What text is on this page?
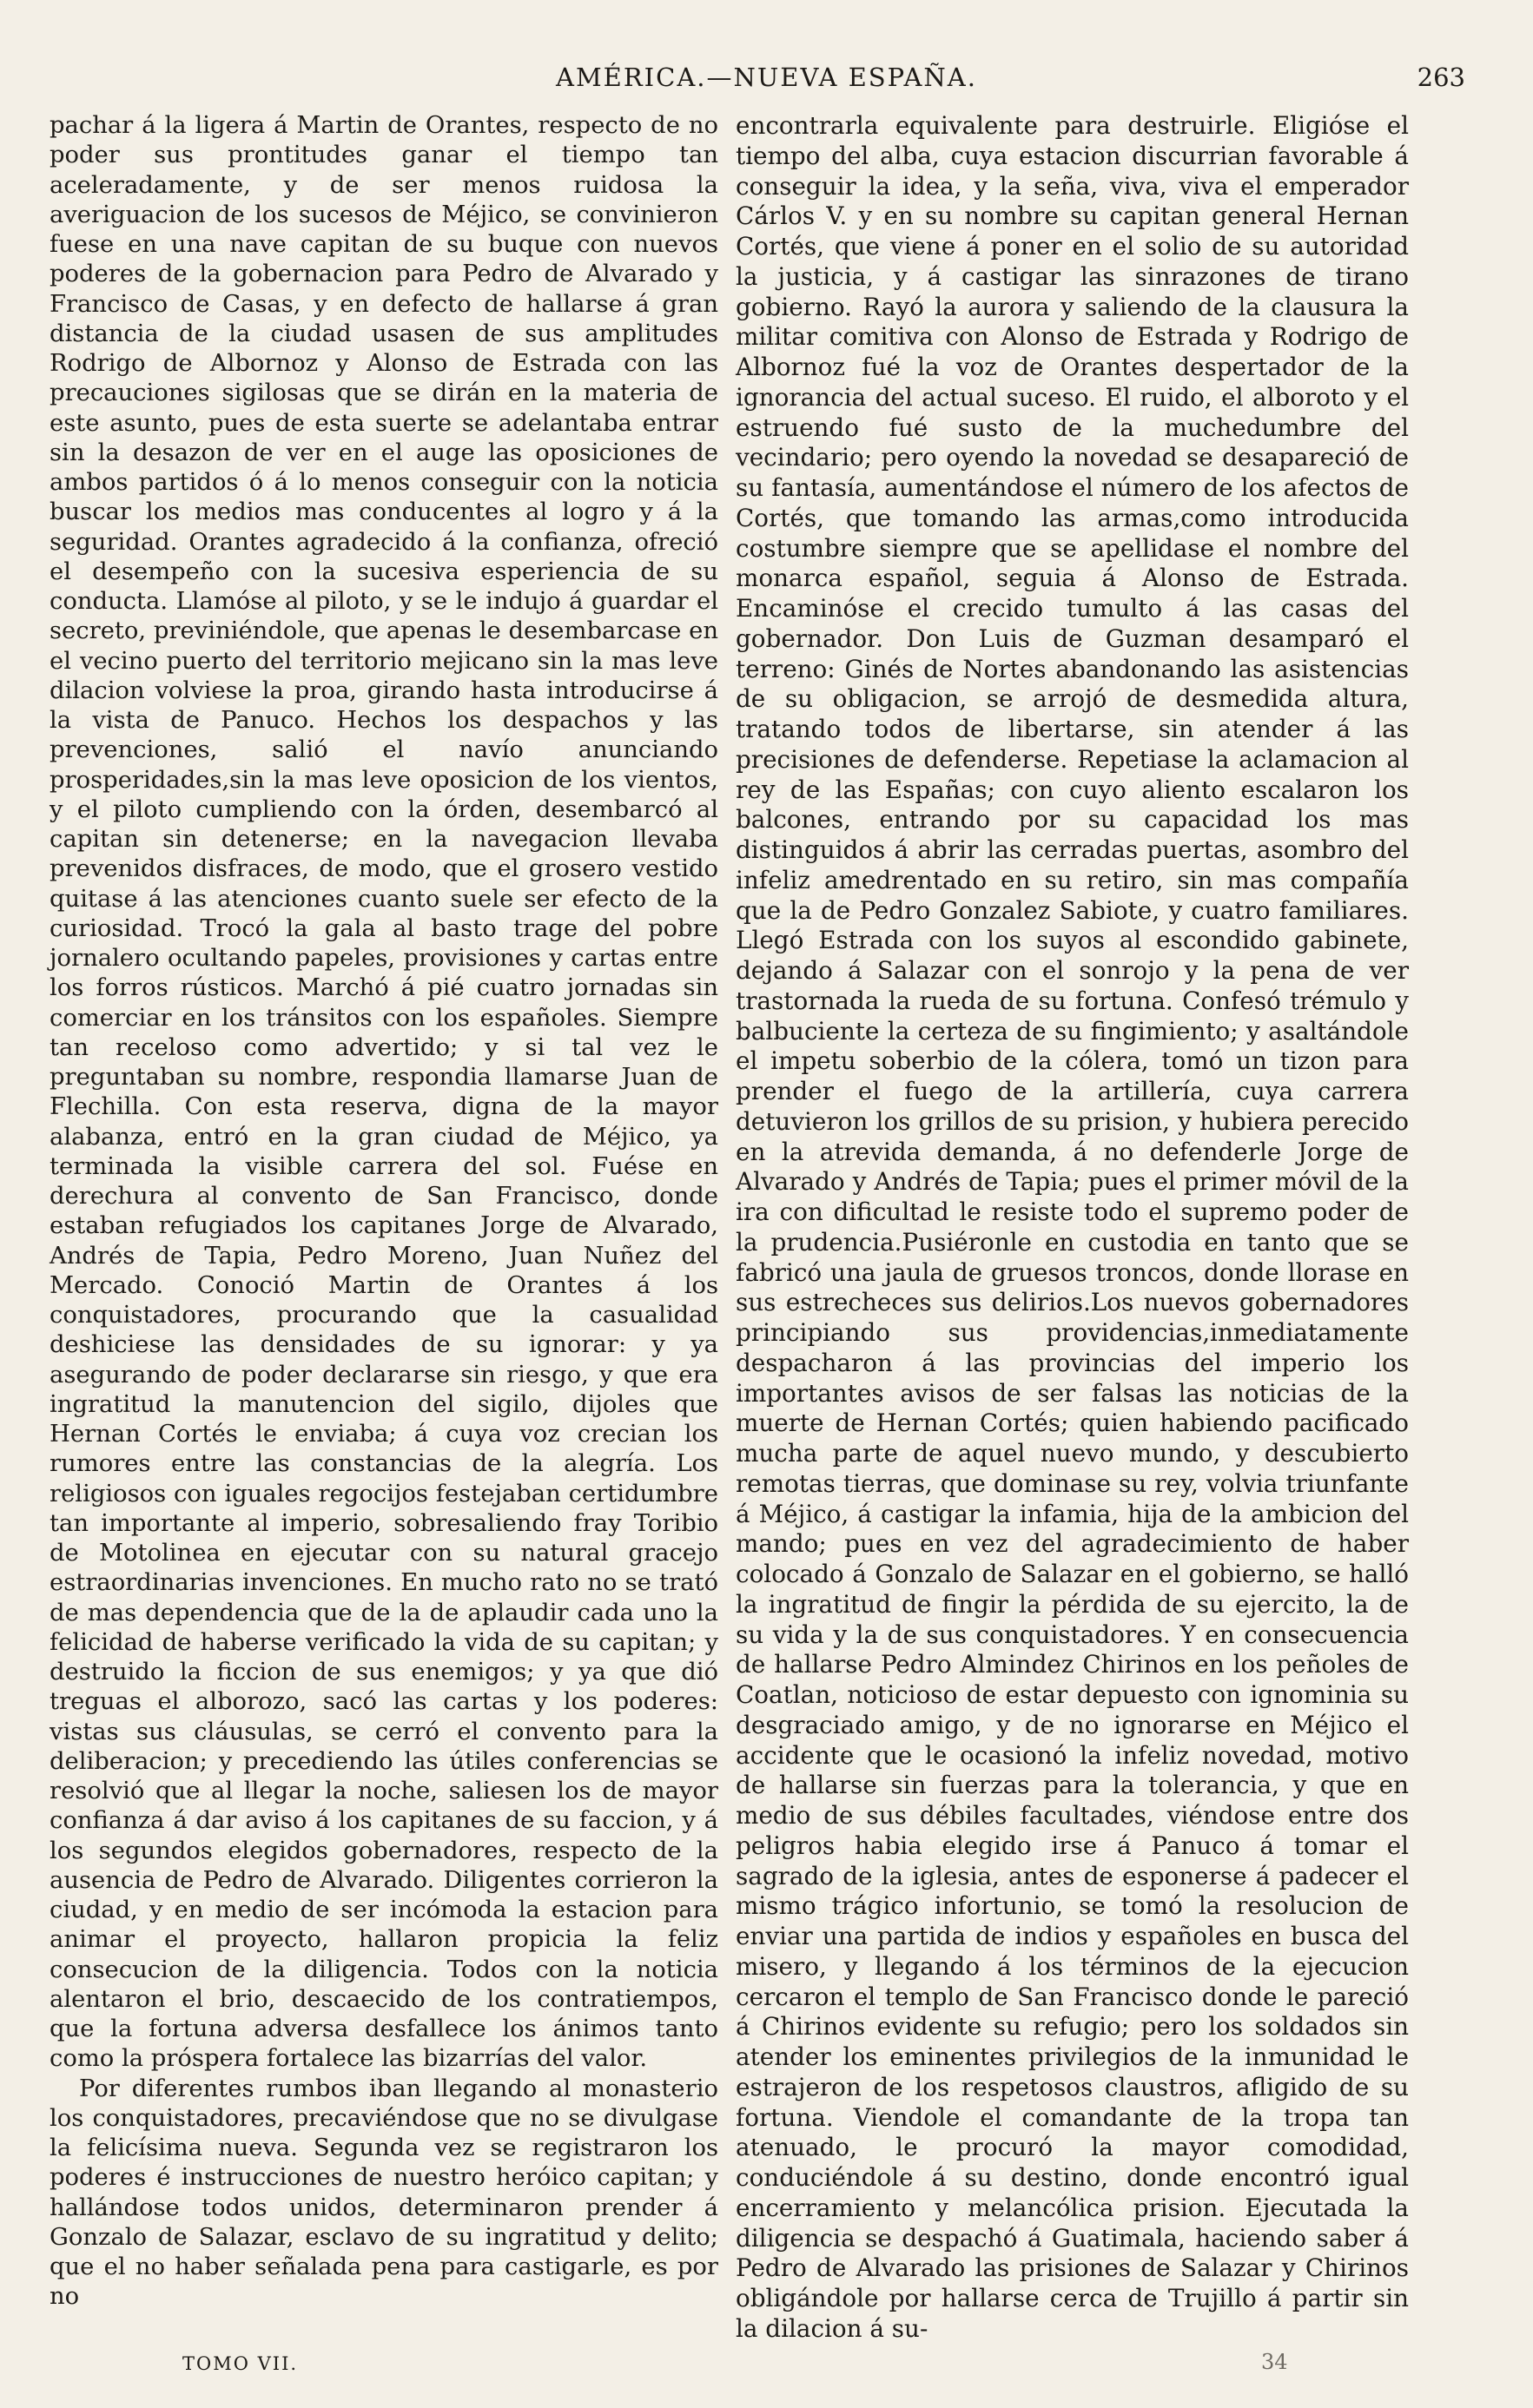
AMÉRICA.—NUEVA ESPAÑA.	263

pachar á la ligera á Martin de Orantes, respecto de no poder sus prontitudes ganar el tiempo tan aceleradamente, y de ser menos ruidosa la averiguacion de los sucesos de Méjico, se convinieron fuese en una nave capitan de su buque con nuevos poderes de la gobernacion para Pedro de Alvarado y Francisco de Casas, y en defecto de hallarse á gran distancia de la ciudad usasen de sus amplitudes Rodrigo de Albornoz y Alonso de Estrada con las precauciones sigilosas que se dirán en la materia de este asunto, pues de esta suerte se adelantaba entrar sin la desazon de ver en el auge las oposiciones de ambos partidos ó á lo menos conseguir con la noticia buscar los medios mas conducentes al logro y á la seguridad. Orantes agradecido á la confianza, ofreció el desempeño con la sucesiva esperiencia de su conducta. Llamóse al piloto, y se le indujo á guardar el secreto, previniéndole, que apenas le desembarcase en el vecino puerto del territorio mejicano sin la mas leve dilacion volviese la proa, girando hasta introducirse á la vista de Panuco. Hechos los despachos y las prevenciones, salió el navío anunciando prosperidades,sin la mas leve oposicion de los vientos, y el piloto cumpliendo con la órden, desembarcó al capitan sin detenerse; en la navegacion llevaba prevenidos disfraces, de modo, que el grosero vestido quitase á las atenciones cuanto suele ser efecto de la curiosidad. Trocó la gala al basto trage del pobre jornalero ocultando papeles, provisiones y cartas entre los forros rústicos. Marchó á pié cuatro jornadas sin comerciar en los tránsitos con los españoles. Siempre tan receloso como advertido; y si tal vez le preguntaban su nombre, respondia llamarse Juan de Flechilla. Con esta reserva, digna de la mayor alabanza, entró en la gran ciudad de Méjico, ya terminada la visible carrera del sol. Fuése en derechura al convento de San Francisco, donde estaban refugiados los capitanes Jorge de Alvarado, Andrés de Tapia, Pedro Moreno, Juan Nuñez del Mercado. Conoció Martin de Orantes á los conquistadores, procurando que la casualidad deshiciese las densidades de su ignorar: y ya asegurando de poder declararse sin riesgo, y que era ingratitud la manutencion del sigilo, dijoles que Hernan Cortés le enviaba; á cuya voz crecian los rumores entre las constancias de la alegría. Los religiosos con iguales regocijos festejaban certidumbre tan importante al imperio, sobresaliendo fray Toribio de Motolinea en ejecutar con su natural gracejo estraordinarias invenciones. En mucho rato no se trató de mas dependencia que de la de aplaudir cada uno la felicidad de haberse verificado la vida de su capitan; y destruido la ficcion de sus enemigos; y ya que dió treguas el alborozo, sacó las cartas y los poderes: vistas sus cláusulas, se cerró el convento para la deliberacion; y precediendo las útiles conferencias se resolvió que al llegar la noche, saliesen los de mayor confianza á dar aviso á los capitanes de su faccion, y á los segundos elegidos gobernadores, respecto de la ausencia de Pedro de Alvarado. Diligentes corrieron la ciudad, y en medio de ser incómoda la estacion para animar el proyecto, hallaron propicia la feliz consecucion de la diligencia. Todos con la noticia alentaron el brio, descaecido de los contratiempos, que la fortuna adversa desfallece los ánimos tanto como la próspera fortalece las bizarrías del valor.

Por diferentes rumbos iban llegando al monasterio los conquistadores, precaviéndose que no se divulgase la felicísima nueva. Segunda vez se registraron los poderes é instrucciones de nuestro heróico capitan; y hallándose todos unidos, determinaron prender á Gonzalo de Salazar, esclavo de su ingratitud y delito; que el no haber señalada pena para castigarle, es por no

encontrarla equivalente para destruirle. Eligióse el tiempo del alba, cuya estacion discurrian favorable á conseguir la idea, y la seña, viva, viva el emperador Cárlos V. y en su nombre su capitan general Hernan Cortés, que viene á poner en el solio de su autoridad la justicia, y á castigar las sinrazones de tirano gobierno. Rayó la aurora y saliendo de la clausura la militar comitiva con Alonso de Estrada y Rodrigo de Albornoz fué la voz de Orantes despertador de la ignorancia del actual suceso. El ruido, el alboroto y el estruendo fué susto de la muchedumbre del vecindario; pero oyendo la novedad se desapareció de su fantasía, aumentándose el número de los afectos de Cortés, que tomando las armas,como introducida costumbre siempre que se apellidase el nombre del monarca español, seguia á Alonso de Estrada. Encaminóse el crecido tumulto á las casas del gobernador. Don Luis de Guzman desamparó el terreno: Ginés de Nortes abandonando las asistencias de su obligacion, se arrojó de desmedida altura, tratando todos de libertarse, sin atender á las precisiones de defenderse. Repetiase la aclamacion al rey de las Españas; con cuyo aliento escalaron los balcones, entrando por su capacidad los mas distinguidos á abrir las cerradas puertas, asombro del infeliz amedrentado en su retiro, sin mas compañía que la de Pedro Gonzalez Sabiote, y cuatro familiares. Llegó Estrada con los suyos al escondido gabinete, dejando á Salazar con el sonrojo y la pena de ver trastornada la rueda de su fortuna. Confesó trémulo y balbuciente la certeza de su fingimiento; y asaltándole el impetu soberbio de la cólera, tomó un tizon para prender el fuego de la artillería, cuya carrera detuvieron los grillos de su prision, y hubiera perecido en la atrevida demanda, á no defenderle Jorge de Alvarado y Andrés de Tapia; pues el primer móvil de la ira con dificultad le resiste todo el supremo poder de la prudencia.Pusiéronle en custodia en tanto que se fabricó una jaula de gruesos troncos, donde llorase en sus estrecheces sus delirios.Los nuevos gobernadores principiando sus providencias,inmediatamente despacharon á las provincias del imperio los importantes avisos de ser falsas las noticias de la muerte de Hernan Cortés; quien habiendo pacificado mucha parte de aquel nuevo mundo, y descubierto remotas tierras, que dominase su rey, volvia triunfante á Méjico, á castigar la infamia, hija de la ambicion del mando; pues en vez del agradecimiento de haber colocado á Gonzalo de Salazar en el gobierno, se halló la ingratitud de fingir la pérdida de su ejercito, la de su vida y la de sus conquistadores. Y en consecuencia de hallarse Pedro Almindez Chirinos en los peñoles de Coatlan, noticioso de estar depuesto con ignominia su desgraciado amigo, y de no ignorarse en Méjico el accidente que le ocasionó la infeliz novedad, motivo de hallarse sin fuerzas para la tolerancia, y que en medio de sus débiles facultades, viéndose entre dos peligros habia elegido irse á Panuco á tomar el sagrado de la iglesia, antes de esponerse á padecer el mismo trágico infortunio, se tomó la resolucion de enviar una partida de indios y españoles en busca del misero, y llegando á los términos de la ejecucion cercaron el templo de San Francisco donde le pareció á Chirinos evidente su refugio; pero los soldados sin atender los eminentes privilegios de la inmunidad le estrajeron de los respetosos claustros, afligido de su fortuna. Viendole el comandante de la tropa tan atenuado, le procuró la mayor comodidad, conduciéndole á su destino, donde encontró igual encerramiento y melancólica prision. Ejecutada la diligencia se despachó á Guatimala, haciendo saber á Pedro de Alvarado las prisiones de Salazar y Chirinos obligándole por hallarse cerca de Trujillo á partir sin la dilacion á su-

TOMO VII.	34
